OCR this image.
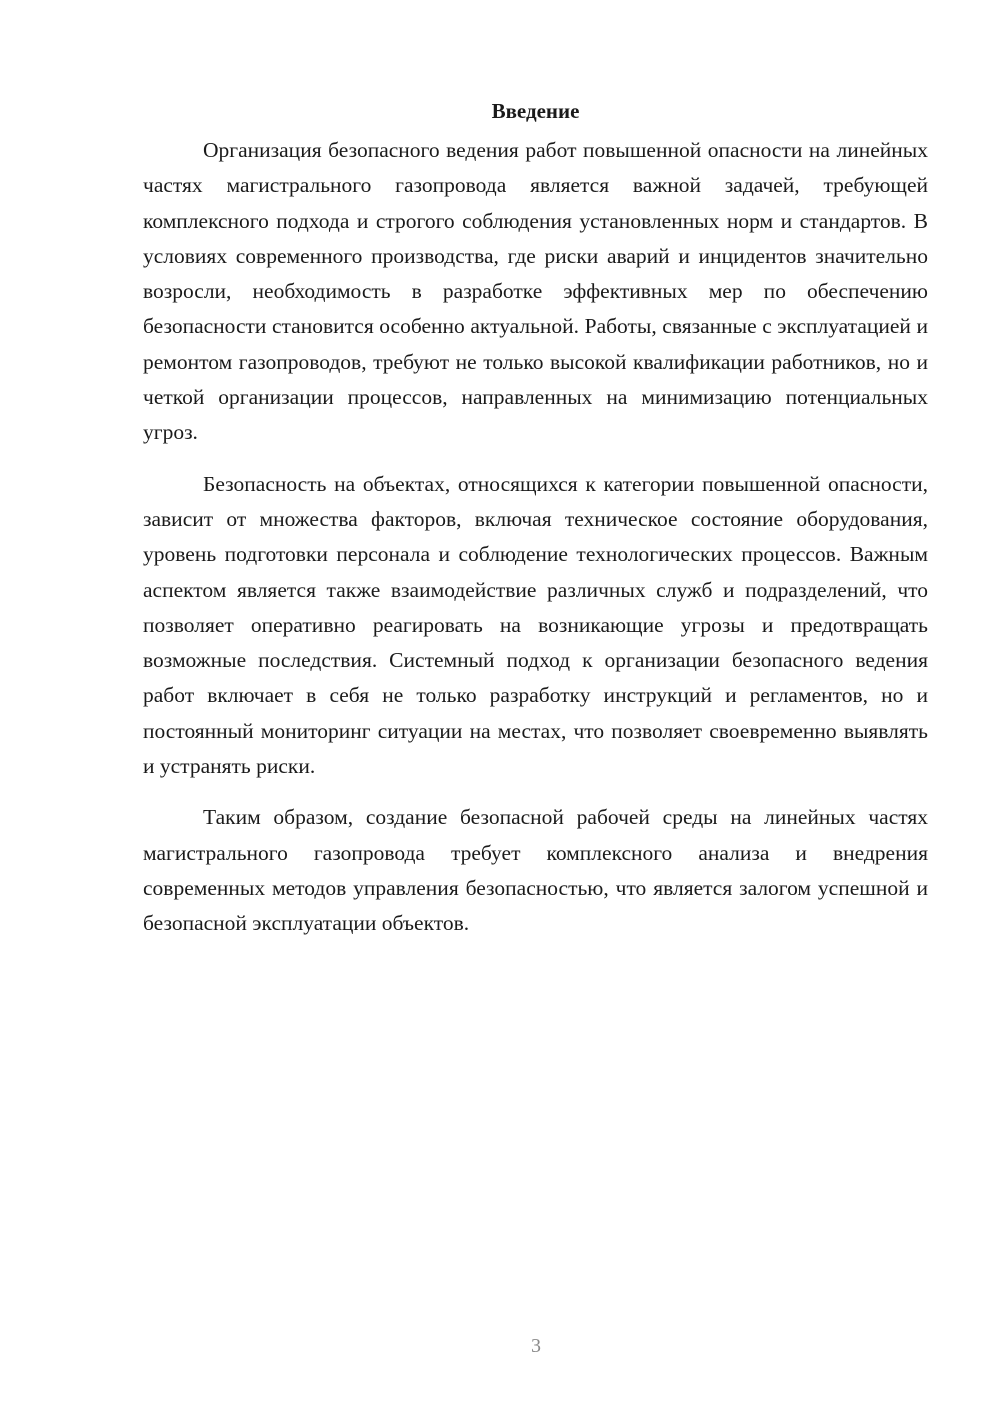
Введение

Организация безопасного ведения работ повышенной опасности на линейных частях магистрального газопровода является важной задачей, требующей комплексного подхода и строгого соблюдения установленных норм и стандартов. В условиях современного производства, где риски аварий и инцидентов значительно возросли, необходимость в разработке эффективных мер по обеспечению безопасности становится особенно актуальной. Работы, связанные с эксплуатацией и ремонтом газопроводов, требуют не только высокой квалификации работников, но и четкой организации процессов, направленных на минимизацию потенциальных угроз.

Безопасность на объектах, относящихся к категории повышенной опасности, зависит от множества факторов, включая техническое состояние оборудования, уровень подготовки персонала и соблюдение технологических процессов. Важным аспектом является также взаимодействие различных служб и подразделений, что позволяет оперативно реагировать на возникающие угрозы и предотвращать возможные последствия. Системный подход к организации безопасного ведения работ включает в себя не только разработку инструкций и регламентов, но и постоянный мониторинг ситуации на местах, что позволяет своевременно выявлять и устранять риски.

Таким образом, создание безопасной рабочей среды на линейных частях магистрального газопровода требует комплексного анализа и внедрения современных методов управления безопасностью, что является залогом успешной и безопасной эксплуатации объектов.

3
